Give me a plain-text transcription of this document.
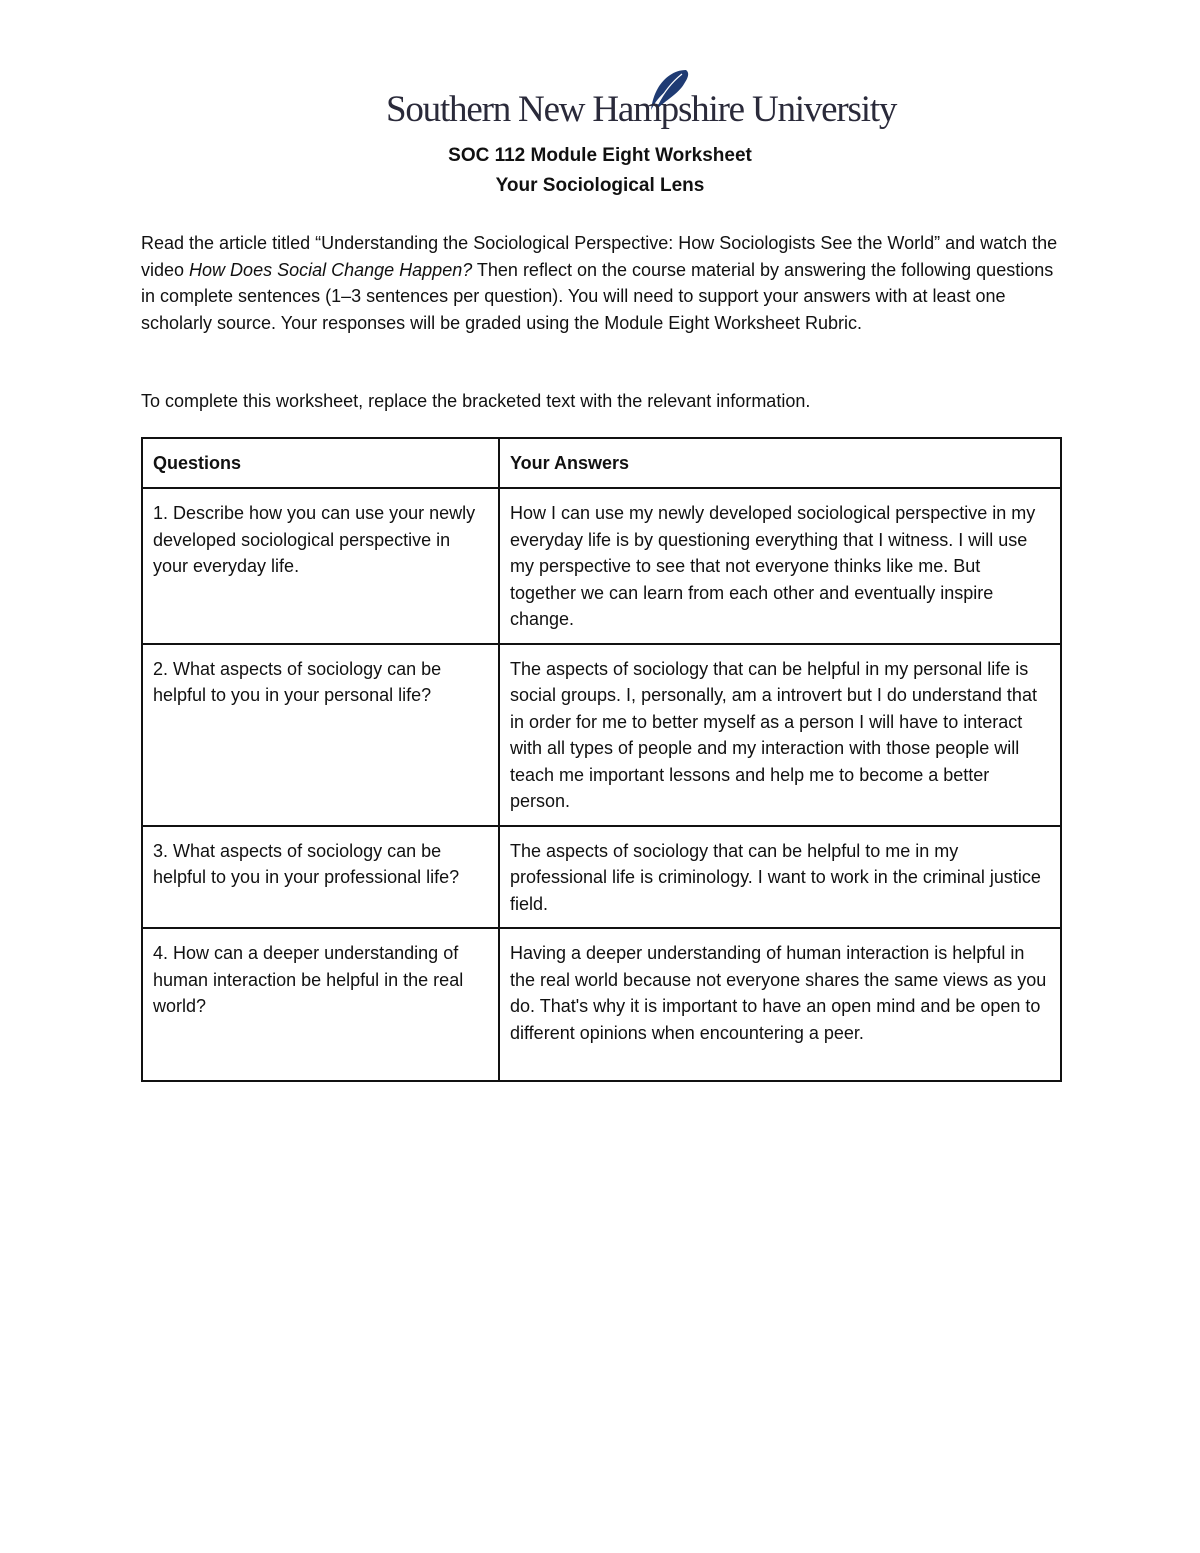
Southern New Hampshire University
SOC 112 Module Eight Worksheet
Your Sociological Lens
Read the article titled “Understanding the Sociological Perspective: How Sociologists See the World” and watch the video How Does Social Change Happen? Then reflect on the course material by answering the following questions in complete sentences (1–3 sentences per question). You will need to support your answers with at least one scholarly source. Your responses will be graded using the Module Eight Worksheet Rubric.
To complete this worksheet, replace the bracketed text with the relevant information.
Questions	Your Answers
1. Describe how you can use your newly developed sociological perspective in your everyday life.	How I can use my newly developed sociological perspective in my everyday life is by questioning everything that I witness. I will use my perspective to see that not everyone thinks like me. But together we can learn from each other and eventually inspire change.
2. What aspects of sociology can be helpful to you in your personal life?	The aspects of sociology that can be helpful in my personal life is social groups. I, personally, am a introvert but I do understand that in order for me to better myself as a person I will have to interact with all types of people and my interaction with those people will teach me important lessons and help me to become a better person.
3. What aspects of sociology can be helpful to you in your professional life?	The aspects of sociology that can be helpful to me in my professional life is criminology. I want to work in the criminal justice field.
4. How can a deeper understanding of human interaction be helpful in the real world?	Having a deeper understanding of human interaction is helpful in the real world because not everyone shares the same views as you do. That's why it is important to have an open mind and be open to different opinions when encountering a peer.
